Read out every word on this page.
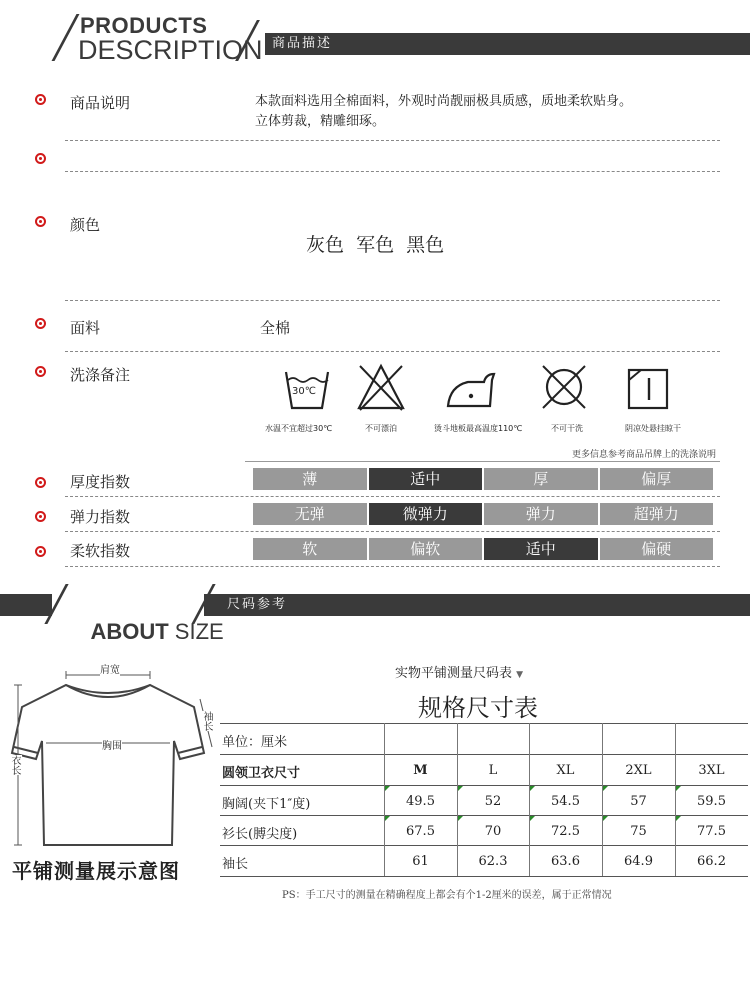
PRODUCTS
DESCRIPTION 商品描述
商品说明	本款面料选用全棉面料，外观时尚靓丽极具质感，质地柔软贴身。
立体剪裁，精雕细琢。
颜色
灰色  军色  黑色
面料	全棉
洗涤备注
30℃
水温不宜超过30℃	不可漂泊	烫斗地板最高温度110℃	不可干洗	阴凉处悬挂晾干
更多信息参考商品吊牌上的洗涤说明
厚度指数	薄	适中	厚	偏厚
弹力指数	无弹	微弹力	弹力	超弹力
柔软指数	软	偏软	适中	偏硬

ABOUT SIZE

尺码参考
肩宽
胸围
衣长
袖长
平铺测量展示意图
实物平铺测量尺码表 ▼
规格尺寸表
单位：厘米
圆领卫衣尺寸	M	L	XL	2XL	3XL
胸阔(夹下1″度)	49.5	52	54.5	57	59.5
衫长(膊尖度)	67.5	70	72.5	75	77.5
袖长	61	62.3	63.6	64.9	66.2
PS：手工尺寸的测量在精确程度上都会有个1-2厘米的误差，属于正常情况
